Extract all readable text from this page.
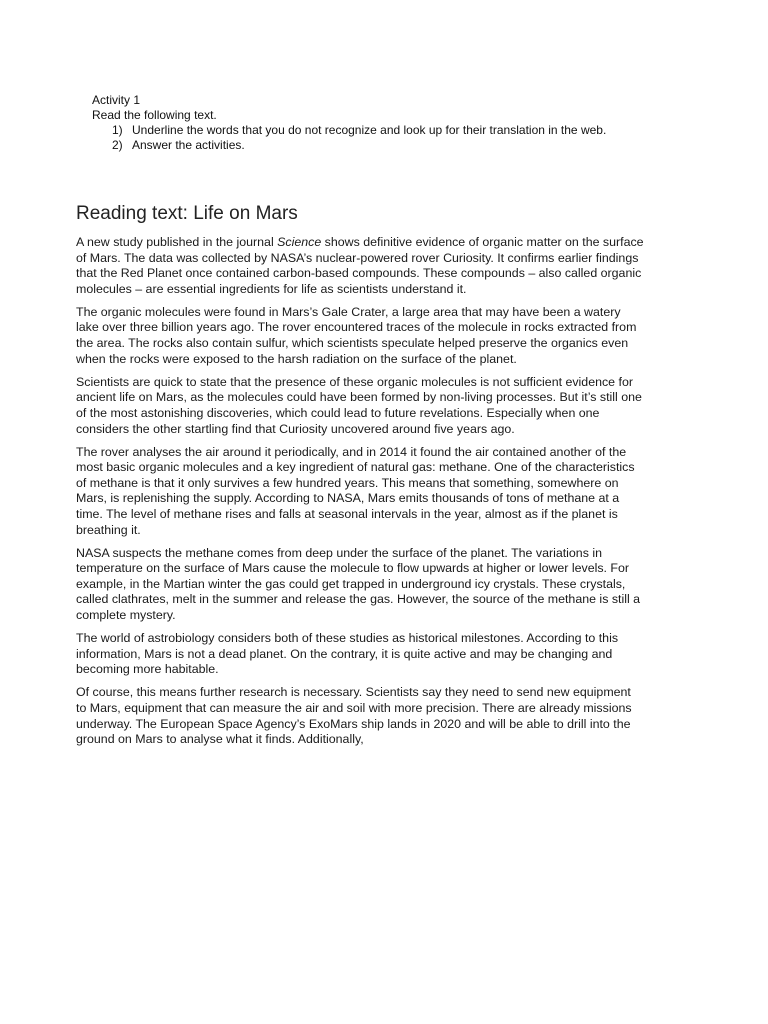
Activity 1

Read the following text.

1) Underline the words that you do not recognize and look up for their translation in the web.
2) Answer the activities.
Reading text: Life on Mars

A new study published in the journal Science shows definitive evidence of organic matter on the surface of Mars. The data was collected by NASA’s nuclear-powered rover Curiosity. It confirms earlier findings that the Red Planet once contained carbon-based compounds. These compounds – also called organic molecules – are essential ingredients for life as scientists understand it.

The organic molecules were found in Mars’s Gale Crater, a large area that may have been a watery lake over three billion years ago. The rover encountered traces of the molecule in rocks extracted from the area. The rocks also contain sulfur, which scientists speculate helped preserve the organics even when the rocks were exposed to the harsh radiation on the surface of the planet.

Scientists are quick to state that the presence of these organic molecules is not sufficient evidence for ancient life on Mars, as the molecules could have been formed by non-living processes. But it’s still one of the most astonishing discoveries, which could lead to future revelations. Especially when one considers the other startling find that Curiosity uncovered around five years ago.

The rover analyses the air around it periodically, and in 2014 it found the air contained another of the most basic organic molecules and a key ingredient of natural gas: methane. One of the characteristics of methane is that it only survives a few hundred years. This means that something, somewhere on Mars, is replenishing the supply. According to NASA, Mars emits thousands of tons of methane at a time. The level of methane rises and falls at seasonal intervals in the year, almost as if the planet is breathing it.

NASA suspects the methane comes from deep under the surface of the planet. The variations in temperature on the surface of Mars cause the molecule to flow upwards at higher or lower levels. For example, in the Martian winter the gas could get trapped in underground icy crystals. These crystals, called clathrates, melt in the summer and release the gas. However, the source of the methane is still a complete mystery.

The world of astrobiology considers both of these studies as historical milestones. According to this information, Mars is not a dead planet. On the contrary, it is quite active and may be changing and becoming more habitable.

Of course, this means further research is necessary. Scientists say they need to send new equipment to Mars, equipment that can measure the air and soil with more precision. There are already missions underway. The European Space Agency’s ExoMars ship lands in 2020 and will be able to drill into the ground on Mars to analyse what it finds. Additionally,
